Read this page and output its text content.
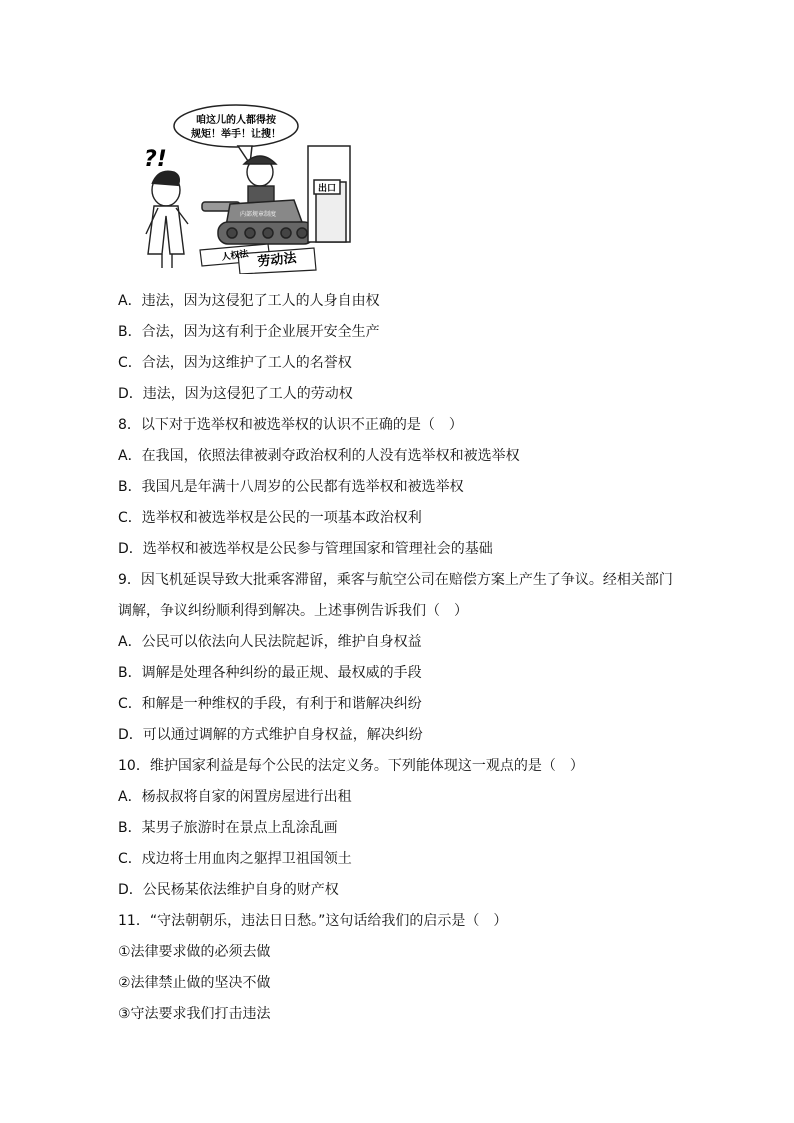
咱这儿的人都得按
规矩！举手！让搜！
?!
内部规章制度
出口
人权法 劳动法
A．违法，因为这侵犯了工人的人身自由权
B．合法，因为这有利于企业展开安全生产
C．合法，因为这维护了工人的名誉权
D．违法，因为这侵犯了工人的劳动权
8．以下对于选举权和被选举权的认识不正确的是（　）
A．在我国，依照法律被剥夺政治权利的人没有选举权和被选举权
B．我国凡是年满十八周岁的公民都有选举权和被选举权
C．选举权和被选举权是公民的一项基本政治权利
D．选举权和被选举权是公民参与管理国家和管理社会的基础
9．因飞机延误导致大批乘客滞留，乘客与航空公司在赔偿方案上产生了争议。经相关部门
调解，争议纠纷顺利得到解决。上述事例告诉我们（　）
A．公民可以依法向人民法院起诉，维护自身权益
B．调解是处理各种纠纷的最正规、最权威的手段
C．和解是一种维权的手段，有利于和谐解决纠纷
D．可以通过调解的方式维护自身权益，解决纠纷
10．维护国家利益是每个公民的法定义务。下列能体现这一观点的是（　）
A．杨叔叔将自家的闲置房屋进行出租
B．某男子旅游时在景点上乱涂乱画
C．戍边将士用血肉之躯捍卫祖国领土
D．公民杨某依法维护自身的财产权
11．“守法朝朝乐，违法日日愁。”这句话给我们的启示是（　）
①法律要求做的必须去做
②法律禁止做的坚决不做
③守法要求我们打击违法
